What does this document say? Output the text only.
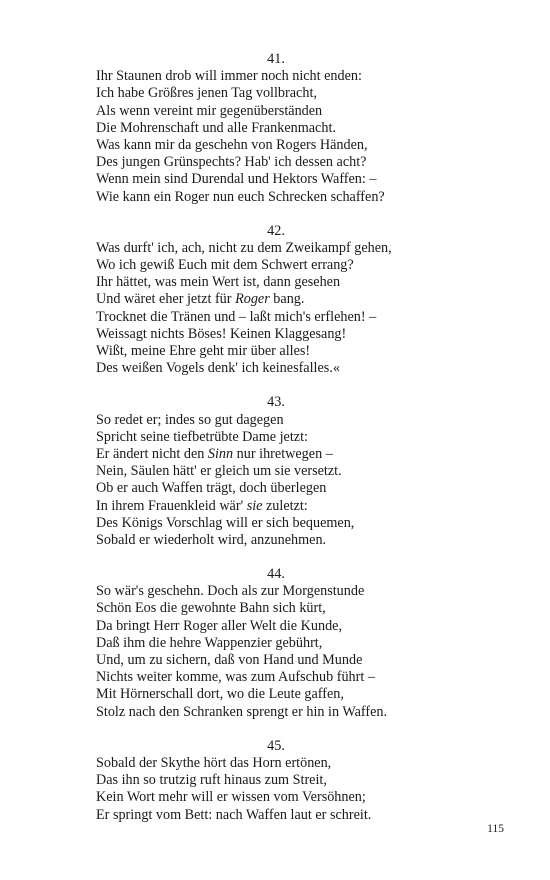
41.
Ihr Staunen drob will immer noch nicht enden:
Ich habe Größres jenen Tag vollbracht,
Als wenn vereint mir gegenüberständen
Die Mohrenschaft und alle Frankenmacht.
Was kann mir da geschehn von Rogers Händen,
Des jungen Grünspechts? Hab' ich dessen acht?
Wenn mein sind Durendal und Hektors Waffen: –
Wie kann ein Roger nun euch Schrecken schaffen?
42.
Was durft' ich, ach, nicht zu dem Zweikampf gehen,
Wo ich gewiß Euch mit dem Schwert errang?
Ihr hättet, was mein Wert ist, dann gesehen
Und wäret eher jetzt für Roger bang.
Trocknet die Tränen und – laßt mich's erflehen! –
Weissagt nichts Böses! Keinen Klaggesang!
Wißt, meine Ehre geht mir über alles!
Des weißen Vogels denk' ich keinesfalles.«
43.
So redet er; indes so gut dagegen
Spricht seine tiefbetrübte Dame jetzt:
Er ändert nicht den Sinn nur ihretwegen –
Nein, Säulen hätt' er gleich um sie versetzt.
Ob er auch Waffen trägt, doch überlegen
In ihrem Frauenkleid wär' sie zuletzt:
Des Königs Vorschlag will er sich bequemen,
Sobald er wiederholt wird, anzunehmen.
44.
So wär's geschehn. Doch als zur Morgenstunde
Schön Eos die gewohnte Bahn sich kürt,
Da bringt Herr Roger aller Welt die Kunde,
Daß ihm die hehre Wappenzier gebührt,
Und, um zu sichern, daß von Hand und Munde
Nichts weiter komme, was zum Aufschub führt –
Mit Hörnerschall dort, wo die Leute gaffen,
Stolz nach den Schranken sprengt er hin in Waffen.
45.
Sobald der Skythe hört das Horn ertönen,
Das ihn so trutzig ruft hinaus zum Streit,
Kein Wort mehr will er wissen vom Versöhnen;
Er springt vom Bett: nach Waffen laut er schreit.
115
